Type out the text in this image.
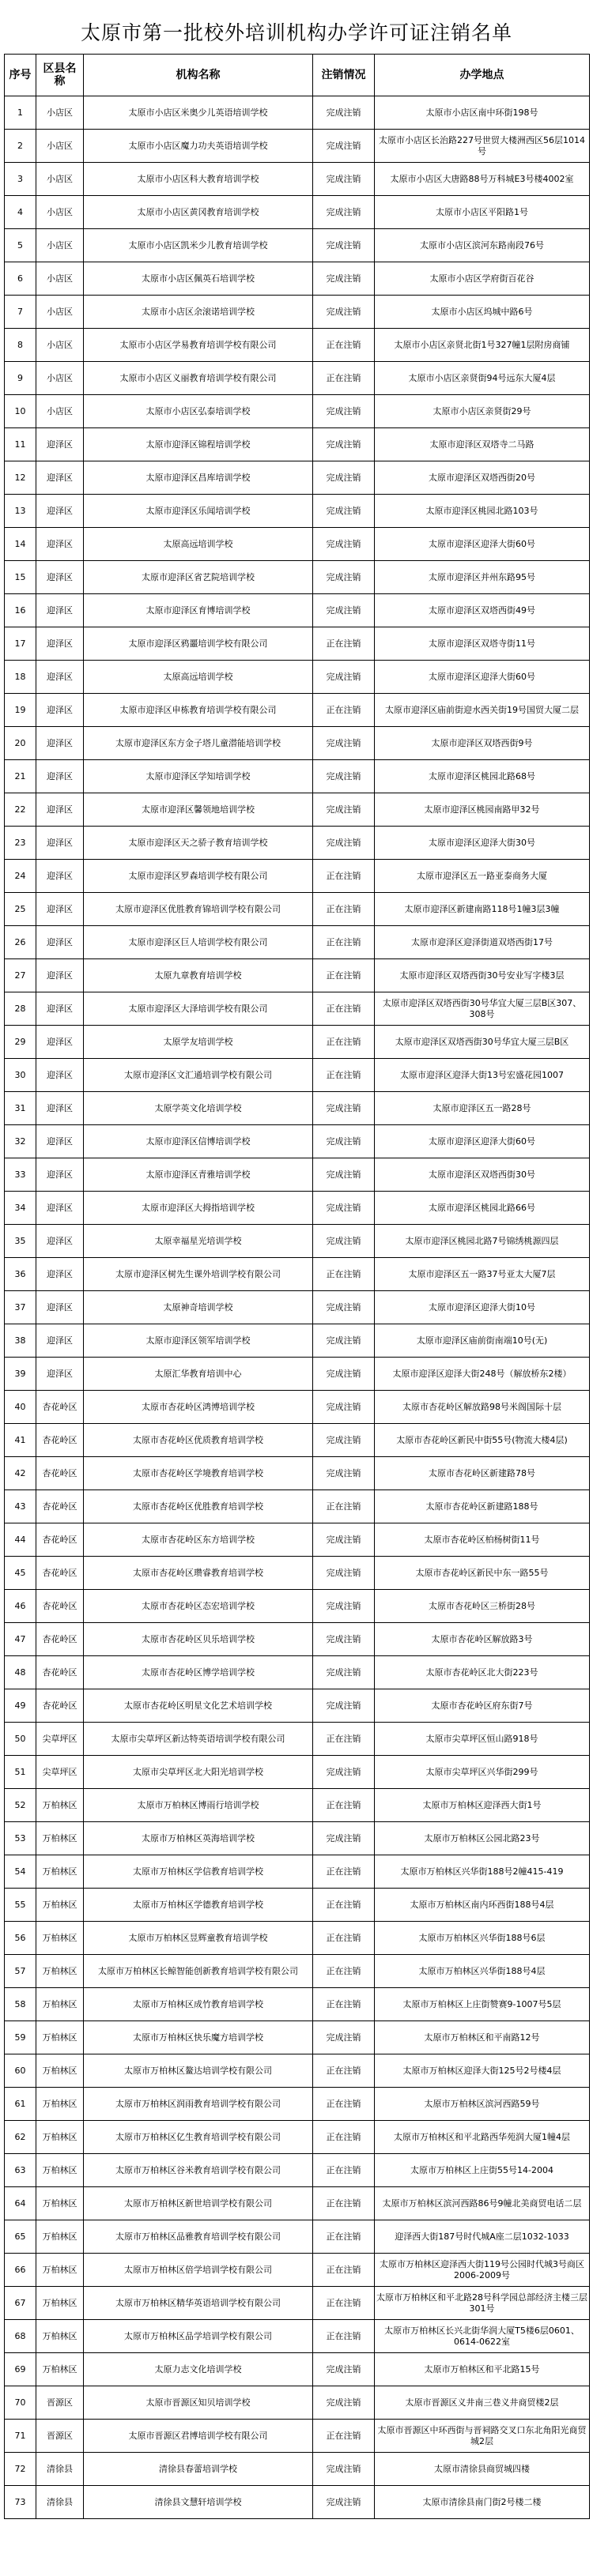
太原市第一批校外培训机构办学许可证注销名单
序号	区县名称	机构名称	注销情况	办学地点
1	小店区	太原市小店区米奥少儿英语培训学校	完成注销	太原市小店区南中环街198号
2	小店区	太原市小店区魔力功夫英语培训学校	完成注销	太原市小店区长治路227号世贸大楼洲西区56层1014号
3	小店区	太原市小店区科大教育培训学校	完成注销	太原市小店区大唐路88号万科城E3号楼4002室
4	小店区	太原市小店区黄冈教育培训学校	完成注销	太原市小店区平阳路1号
5	小店区	太原市小店区凯米少儿教育培训学校	完成注销	太原市小店区滨河东路南段76号
6	小店区	太原市小店区佩英石培训学校	完成注销	太原市小店区学府街百花谷
7	小店区	太原市小店区余滚诺培训学校	完成注销	太原市小店区坞城中路6号
8	小店区	太原市小店区学易教育培训学校有限公司	正在注销	太原市小店区亲贤北街1号327幢1层附房商铺
9	小店区	太原市小店区义丽教育培训学校有限公司	正在注销	太原市小店区亲贤街94号远东大厦4层
10	小店区	太原市小店区弘泰培训学校	完成注销	太原市小店区亲贤街29号
11	迎泽区	太原市迎泽区锦程培训学校	完成注销	太原市迎泽区双塔寺二马路
12	迎泽区	太原市迎泽区昌库培训学校	完成注销	太原市迎泽区双塔西街20号
13	迎泽区	太原市迎泽区乐闻培训学校	完成注销	太原市迎泽区桃园北路103号
14	迎泽区	太原高远培训学校	完成注销	太原市迎泽区迎泽大街60号
15	迎泽区	太原市迎泽区省艺院培训学校	完成注销	太原市迎泽区并州东路95号
16	迎泽区	太原市迎泽区育博培训学校	完成注销	太原市迎泽区双塔西街49号
17	迎泽区	太原市迎泽区鸦噩培训学校有限公司	正在注销	太原市迎泽区双塔寺街11号
18	迎泽区	太原高远培训学校	完成注销	太原市迎泽区迎泽大街60号
19	迎泽区	太原市迎泽区申栋教育培训学校有限公司	正在注销	太原市迎泽区庙前街迎水西关街19号国贸大厦二层
20	迎泽区	太原市迎泽区东方金子塔儿童潜能培训学校	完成注销	太原市迎泽区双塔西街9号
21	迎泽区	太原市迎泽区学知培训学校	完成注销	太原市迎泽区桃园北路68号
22	迎泽区	太原市迎泽区馨领地培训学校	完成注销	太原市迎泽区桃园南路甲32号
23	迎泽区	太原市迎泽区天之骄子教育培训学校	完成注销	太原市迎泽区迎泽大街30号
24	迎泽区	太原市迎泽区罗森培训学校有限公司	正在注销	太原市迎泽区五一路亚泰商务大厦
25	迎泽区	太原市迎泽区优胜教育锦培训学校有限公司	正在注销	太原市迎泽区新建南路118号1幢3层3幢
26	迎泽区	太原市迎泽区巨人培训学校有限公司	正在注销	太原市迎泽区迎泽街道双塔西街17号
27	迎泽区	太原九章教育培训学校	正在注销	太原市迎泽区双塔西街30号安业写字楼3层
28	迎泽区	太原市迎泽区大泽培训学校有限公司	正在注销	太原市迎泽区双塔西街30号华宜大厦三层B区307、308号
29	迎泽区	太原学友培训学校	正在注销	太原市迎泽区双塔西街30号华宜大厦三层B区
30	迎泽区	太原市迎泽区文汇通培训学校有限公司	正在注销	太原市迎泽区迎泽大街13号宏盛花园1007
31	迎泽区	太原学英文化培训学校	完成注销	太原市迎泽区五一路28号
32	迎泽区	太原市迎泽区信博培训学校	完成注销	太原市迎泽区迎泽大街60号
33	迎泽区	太原市迎泽区青雅培训学校	完成注销	太原市迎泽区双塔西街30号
34	迎泽区	太原市迎泽区大拇指培训学校	完成注销	太原市迎泽区桃园北路66号
35	迎泽区	太原幸福星光培训学校	完成注销	太原市迎泽区桃园北路7号锦绣桃源四层
36	迎泽区	太原市迎泽区树先生课外培训学校有限公司	正在注销	太原市迎泽区五一路37号亚太大厦7层
37	迎泽区	太原神奇培训学校	完成注销	太原市迎泽区迎泽大街10号
38	迎泽区	太原市迎泽区领军培训学校	完成注销	太原市迎泽区庙前街南端10号(无)
39	迎泽区	太原汇华教育培训中心	完成注销	太原市迎泽区迎泽大街248号（解放桥东2楼）
40	杏花岭区	太原市杏花岭区鸿博培训学校	完成注销	太原市杏花岭区解放路98号米阁国际十层
41	杏花岭区	太原市杏花岭区优质教育培训学校	完成注销	太原市杏花岭区新民中街55号(物流大楼4层)
42	杏花岭区	太原市杏花岭区学境教育培训学校	完成注销	太原市杏花岭区新建路78号
43	杏花岭区	太原市杏花岭区优胜教育培训学校	正在注销	太原市杏花岭区新建路188号
44	杏花岭区	太原市杏花岭区东方培训学校	完成注销	太原市杏花岭区柏杨树街11号
45	杏花岭区	太原市杏花岭区瓒睿教育培训学校	完成注销	太原市杏花岭区新民中东一路55号
46	杏花岭区	太原市杏花岭区态宏培训学校	完成注销	太原市杏花岭区三桥街28号
47	杏花岭区	太原市杏花岭区贝乐培训学校	完成注销	太原市杏花岭区解放路3号
48	杏花岭区	太原市杏花岭区博学培训学校	完成注销	太原市杏花岭区北大街223号
49	杏花岭区	太原市杏花岭区明星文化艺术培训学校	完成注销	太原市杏花岭区府东街7号
50	尖草坪区	太原市尖草坪区新达特英语培训学校有限公司	正在注销	太原市尖草坪区恒山路918号
51	尖草坪区	太原市尖草坪区北大阳光培训学校	完成注销	太原市尖草坪区兴华街299号
52	万柏林区	太原市万柏林区博雨行培训学校	正在注销	太原市万柏林区迎泽西大街1号
53	万柏林区	太原市万柏林区英海培训学校	完成注销	太原市万柏林区公园北路23号
54	万柏林区	太原市万柏林区学信教育培训学校	正在注销	太原市万柏林区兴华街188号2幢415-419
55	万柏林区	太原市万柏林区学德教育培训学校	正在注销	太原市万柏林区南内环西街188号4层
56	万柏林区	太原市万柏林区昱辉童教育培训学校	正在注销	太原市万柏林区兴华街188号6层
57	万柏林区	太原市万柏林区长鲸智能创新教育培训学校有限公司	正在注销	太原市万柏林区兴华街188号4层
58	万柏林区	太原市万柏林区成竹教育培训学校	正在注销	太原市万柏林区上庄街赞赛9-1007号5层
59	万柏林区	太原市万柏林区快乐魔方培训学校	完成注销	太原市万柏林区和平南路12号
60	万柏林区	太原市万柏林区鳌达培训学校有限公司	正在注销	太原市万柏林区迎泽大街125号2号楼4层
61	万柏林区	太原市万柏林区润雨教育培训学校有限公司	正在注销	太原市万柏林区滨河西路59号
62	万柏林区	太原市万柏林区亿生教育培训学校有限公司	正在注销	太原市万柏林区和平北路西华苑润大厦1幢4层
63	万柏林区	太原市万柏林区谷米教育培训学校有限公司	正在注销	太原市万柏林区上庄街55号14-2004
64	万柏林区	太原市万柏林区新世培训学校有限公司	正在注销	太原市万柏林区滨河西路86号9幢北美商贸电话二层
65	万柏林区	太原市万柏林区品雅教育培训学校有限公司	正在注销	迎泽西大街187号时代城A座二层1032-1033
66	万柏林区	太原市万柏林区倍学培训学校有限公司	正在注销	太原市万柏林区迎泽西大街119号公园时代城3号商区2006-2009号
67	万柏林区	太原市万柏林区精华英语培训学校有限公司	正在注销	太原市万柏林区和平北路28号科学园总部经济主楼三层301号
68	万柏林区	太原市万柏林区品学培训学校有限公司	正在注销	太原市万柏林区长兴北街华润大厦T5楼6层0601、0614-0622室
69	万柏林区	太原力志文化培训学校	完成注销	太原市万柏林区和平北路15号
70	晋源区	太原市晋源区知贝培训学校	完成注销	太原市晋源区义井南三巷义井商贸楼2层
71	晋源区	太原市晋源区君博培训学校有限公司	正在注销	太原市晋源区中环西街与晋祠路交叉口东北角阳光商贸城2层
72	清徐县	清徐县春蕾培训学校	完成注销	太原市清徐县商贸城四楼
73	清徐县	清徐县文慧轩培训学校	完成注销	太原市清徐县南门街2号楼二楼
